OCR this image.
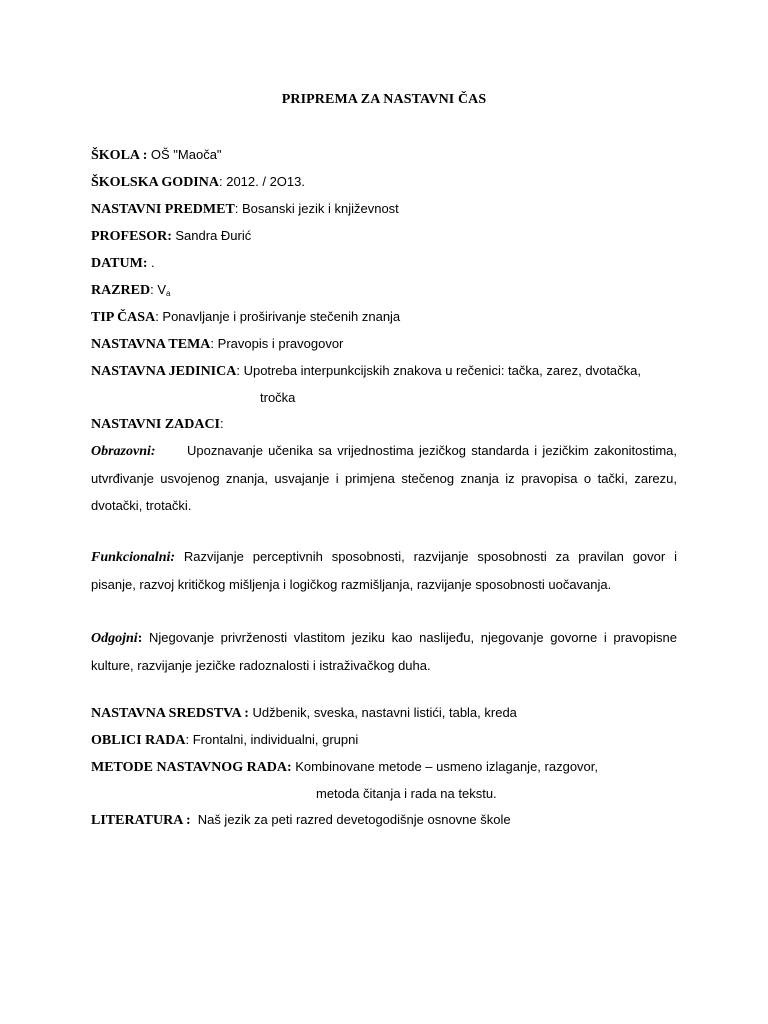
PRIPREMA ZA NASTAVNI ČAS
ŠKOLA : OŠ "Maoča"
ŠKOLSKA GODINA: 2012. / 2O13.
NASTAVNI PREDMET: Bosanski jezik i književnost
PROFESOR: Sandra Đurić
DATUM: .
RAZRED: $V_a$
TIP ČASA: Ponavljanje i proširivanje stečenih znanja
NASTAVNA TEMA: Pravopis i pravogovor
NASTAVNA JEDINICA: Upotreba interpunkcijskih znakova u rečenici: tačka, zarez, dvotačka,
tročka
NASTAVNI ZADACI:
Obrazovni: Upoznavanje učenika sa vrijednostima jezičkog standarda i jezičkim zakonitostima, utvrđivanje usvojenog znanja, usvajanje i primjena stečenog znanja iz pravopisa o tački, zarezu, dvotački, trotački.
Funkcionalni: Razvijanje perceptivnih sposobnosti, razvijanje sposobnosti za pravilan govor i pisanje, razvoj kritičkog mišljenja i logičkog razmišljanja, razvijanje sposobnosti uočavanja.
Odgojni: Njegovanje privrženosti vlastitom jeziku kao naslijeđu, njegovanje govorne i pravopisne kulture, razvijanje jezičke radoznalosti i istraživačkog duha.
NASTAVNA SREDSTVA : Udžbenik, sveska, nastavni listići, tabla, kreda
OBLICI RADA: Frontalni, individualni, grupni
METODE NASTAVNOG RADA: Kombinovane metode – usmeno izlaganje, razgovor,
metoda čitanja i rada na tekstu.
LITERATURA : Naš jezik za peti razred devetogodišnje osnovne škole
